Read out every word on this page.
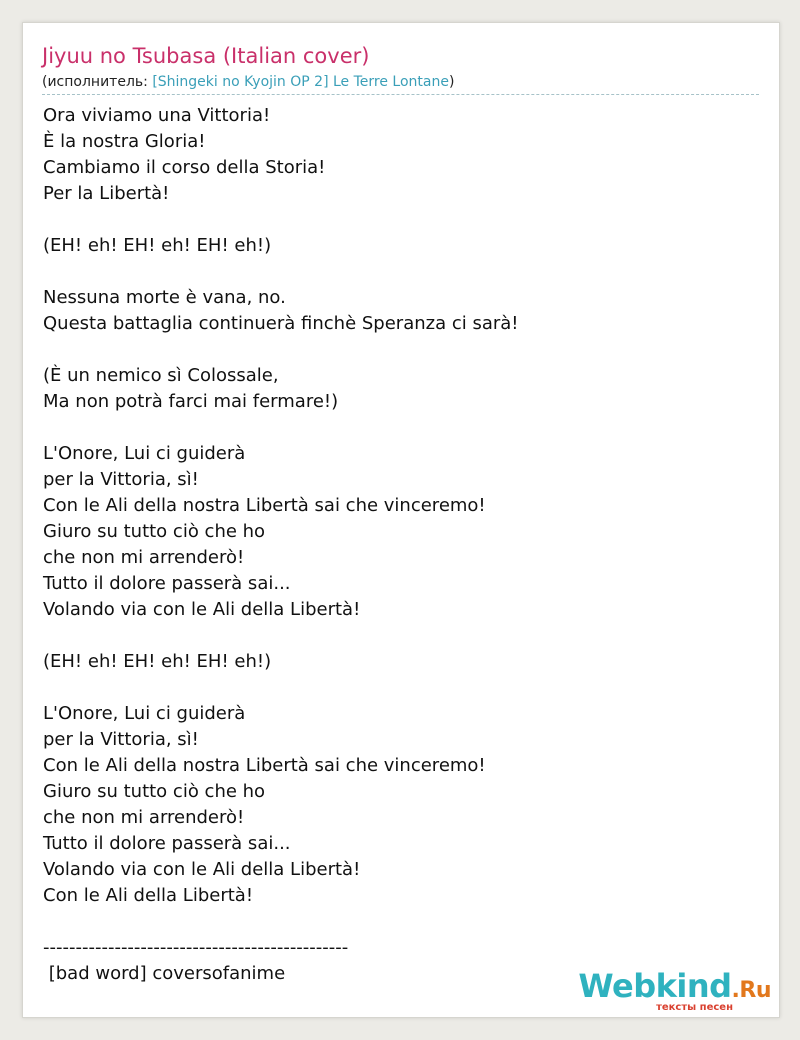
Jiyuu no Tsubasa (Italian cover)
(исполнитель: [Shingeki no Kyojin OP 2] Le Terre Lontane)
Ora viviamo una Vittoria!
È la nostra Gloria!
Cambiamo il corso della Storia!
Per la Libertà!
(EH! eh! EH! eh! EH! eh!)
Nessuna morte è vana, no.
Questa battaglia continuerà finchè Speranza ci sarà!
(È un nemico sì Colossale,
Ma non potrà farci mai fermare!)
L'Onore, Lui ci guiderà
per la Vittoria, sì!
Con le Ali della nostra Libertà sai che vinceremo!
Giuro su tutto ciò che ho
che non mi arrenderò!
Tutto il dolore passerà sai...
Volando via con le Ali della Libertà!
(EH! eh! EH! eh! EH! eh!)
L'Onore, Lui ci guiderà
per la Vittoria, sì!
Con le Ali della nostra Libertà sai che vinceremo!
Giuro su tutto ciò che ho
che non mi arrenderò!
Tutto il dolore passerà sai...
Volando via con le Ali della Libertà!
Con le Ali della Libertà!
-----------------------------------------------
[bad word] coversofanime	Webkind.Ru
тексты песен
